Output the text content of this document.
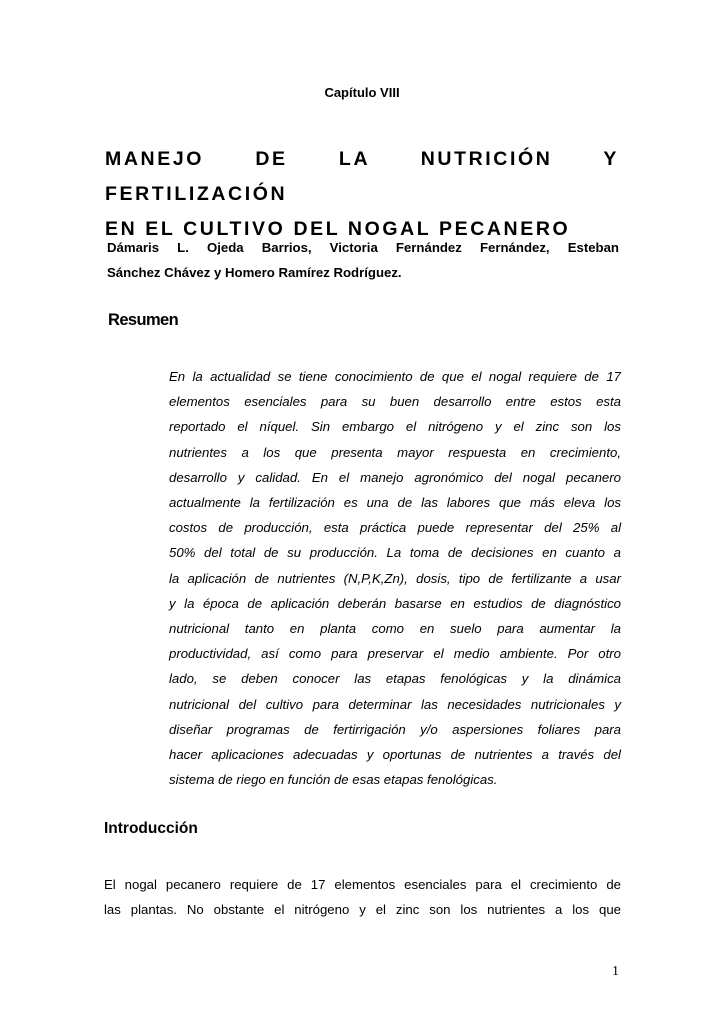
Capítulo VIII
MANEJO DE LA NUTRICIÓN Y FERTILIZACIÓN
EN EL CULTIVO DEL NOGAL PECANERO
Dámaris L. Ojeda Barrios, Victoria Fernández Fernández, Esteban
Sánchez Chávez y Homero Ramírez Rodríguez.
Resumen
En la actualidad se tiene conocimiento de que el nogal requiere de 17
elementos esenciales para su buen desarrollo entre estos esta
reportado el níquel. Sin embargo el nitrógeno y el zinc son los
nutrientes a los que presenta mayor respuesta en crecimiento,
desarrollo y calidad. En el manejo agronómico del nogal pecanero
actualmente la fertilización es una de las labores que más eleva los
costos de producción, esta práctica puede representar del 25% al
50% del total de su producción. La toma de decisiones en cuanto a
la aplicación de nutrientes (N,P,K,Zn), dosis, tipo de fertilizante a usar
y la época de aplicación deberán basarse en estudios de diagnóstico
nutricional tanto en planta como en suelo para aumentar la
productividad, así como para preservar el medio ambiente. Por otro
lado, se deben conocer las etapas fenológicas y la dinámica
nutricional del cultivo para determinar las necesidades nutricionales y
diseñar programas de fertirrigación y/o aspersiones foliares para
hacer aplicaciones adecuadas y oportunas de nutrientes a través del
sistema de riego en función de esas etapas fenológicas.
Introducción
El nogal pecanero requiere de 17 elementos esenciales para el crecimiento de
las plantas. No obstante el nitrógeno y el zinc son los nutrientes a los que
1
